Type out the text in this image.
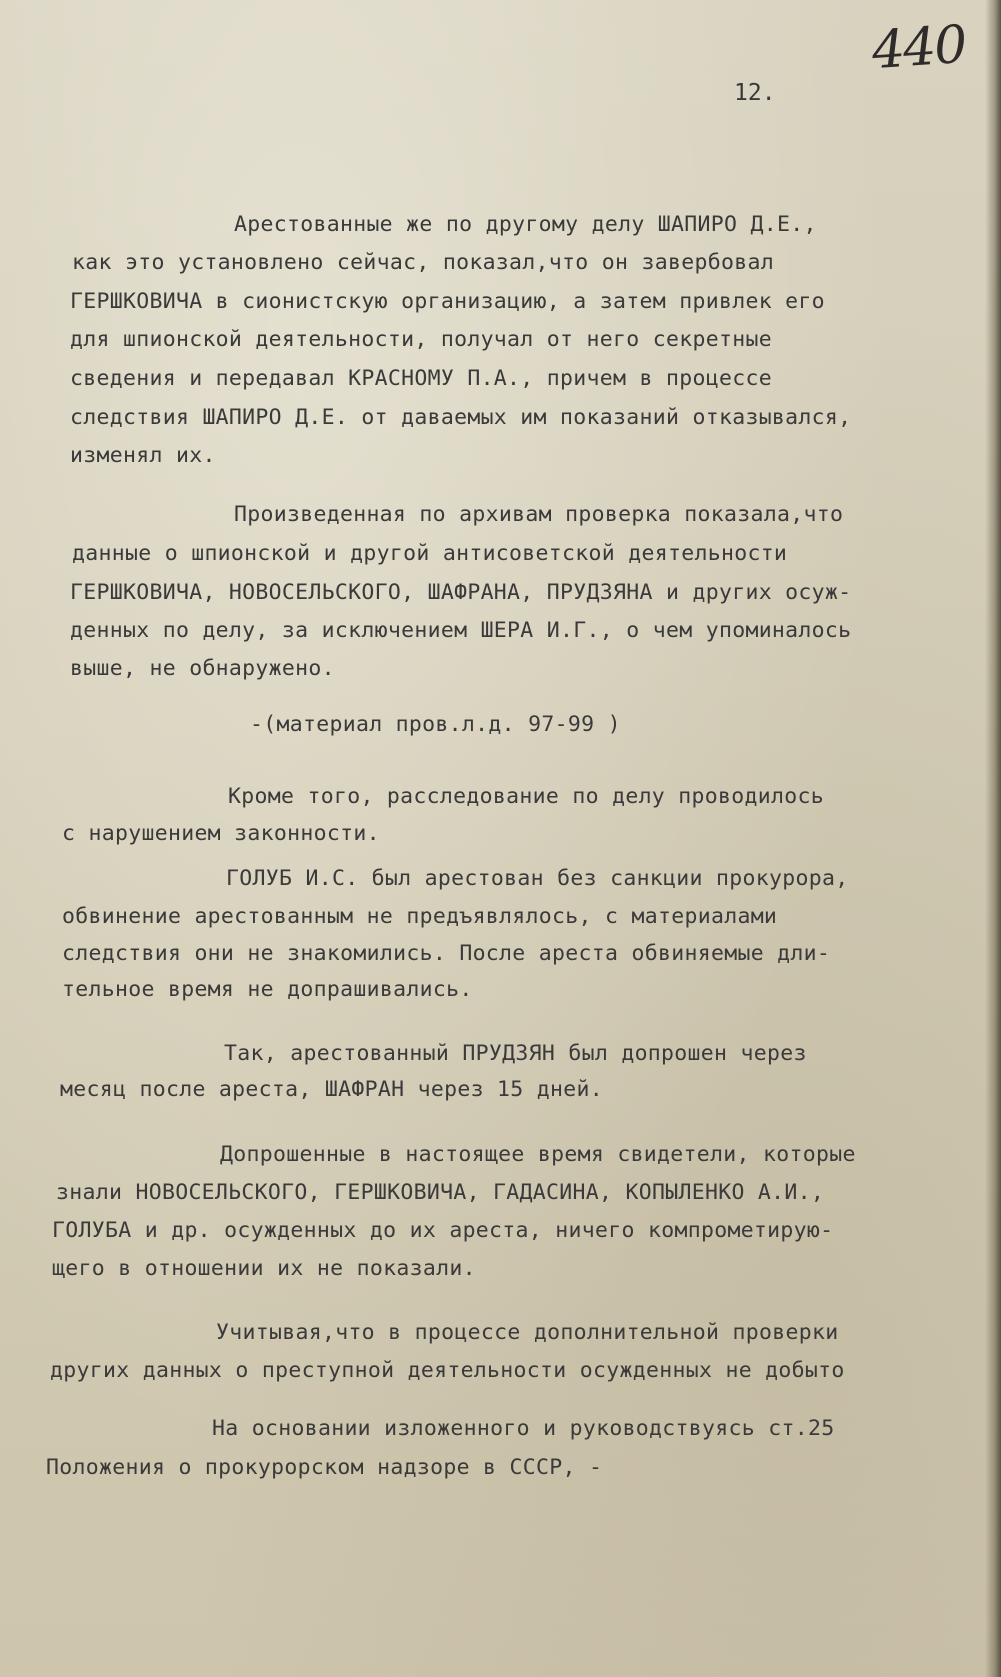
440
12.
Арестованные же по другому делу ШАПИРО Д.Е.,
как это установлено сейчас, показал,что он завербовал
ГЕРШКОВИЧА в сионистскую организацию, а затем привлек его
для шпионской деятельности, получал от него секретные
сведения и передавал КРАСНОМУ П.А., причем в процессе
следствия ШАПИРО Д.Е. от даваемых им показаний отказывался,
изменял их.
Произведенная по архивам проверка показала,что
данные о шпионской и другой антисоветской деятельности
ГЕРШКОВИЧА, НОВОСЕЛЬСКОГО, ШАФРАНА, ПРУДЗЯНА и других осуж-
денных по делу, за исключением ШЕРА И.Г., о чем упоминалось
выше, не обнаружено.
-(материал пров.л.д. 97-99 )
Кроме того, расследование по делу проводилось
с нарушением законности.
ГОЛУБ И.С. был арестован без санкции прокурора,
обвинение арестованным не предъявлялось, с материалами
следствия они не знакомились. После ареста обвиняемые дли-
тельное время не допрашивались.
Так, арестованный ПРУДЗЯН был допрошен через
месяц после ареста, ШАФРАН через 15 дней.
Допрошенные в настоящее время свидетели, которые
знали НОВОСЕЛЬСКОГО, ГЕРШКОВИЧА, ГАДАСИНА, КОПЫЛЕНКО А.И.,
ГОЛУБА и др. осужденных до их ареста, ничего компрометирую-
щего в отношении их не показали.
Учитывая,что в процессе дополнительной проверки
других данных о преступной деятельности осужденных не добыто
На основании изложенного и руководствуясь ст.25
Положения о прокурорском надзоре в СССР, -
